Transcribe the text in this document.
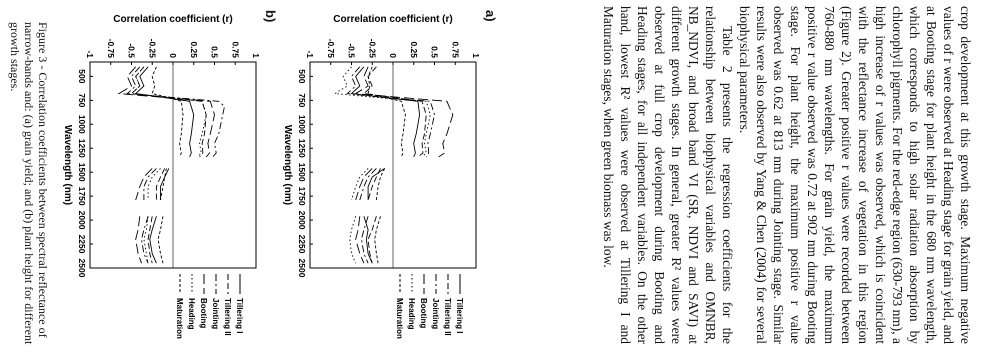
crop development at this growth stage. Maximum negative values of r were observed at Heading stage for grain yield, and at Booting stage for plant height in the 680 nm wavelength, which corresponds to high solar radiation absorption by chlorophyll pigments. For the red-edge region (630-793 nm), a high increase of r values was observed, which is coincident with the reflectance increase of vegetation in this region (Figure 2). Greater positive r values were recorded between 760-880 nm wavelengths. For grain yield, the maximum positive r value observed was 0.72 at 902 nm during Booting stage. For plant height, the maximum positive r value observed was 0.62 at 813 nm during Jointing stage. Similar results were also observed by Yang & Chen (2004) for several biophysical parameters.

Table 2 presents the regression coefficients for the relationship between biophysical variables and OMNBR, NB_NDVI, and broad band VI (SR, NDVI and SAVI) at different growth stages. In general, greater R² values were observed at full crop development during Booting and Heading stages, for all independent variables. On the other hand, lowest R² values were observed at Tillering I and Maturation stages, when green biomass was low.

a)
1
0.75
0.5
0.25
0
-0.25
-0.5
-0.75
-1
500
750
1000
1250
1500
1750
2000
2250
2500
Correlation coefficient (r)
Wavelength (nm)
Tillering I
Tillering II
Jointing
Booting
Heading
Maturation
b)
1
0.75
0.5
0.25
0
-0.25
-0.5
-0.75
-1
500
750
1000
1250
1500
1750
2000
2250
2500
Correlation coefficient (r)
Wavelength (nm)
Tillering I
Tillering II
Jointing
Booting
Heading
Maturation
Figure 3 - Correlation coefficients between spectral reflectance of narrow-bands and: (a) grain yield; and (b) plant height for different growth stages.
